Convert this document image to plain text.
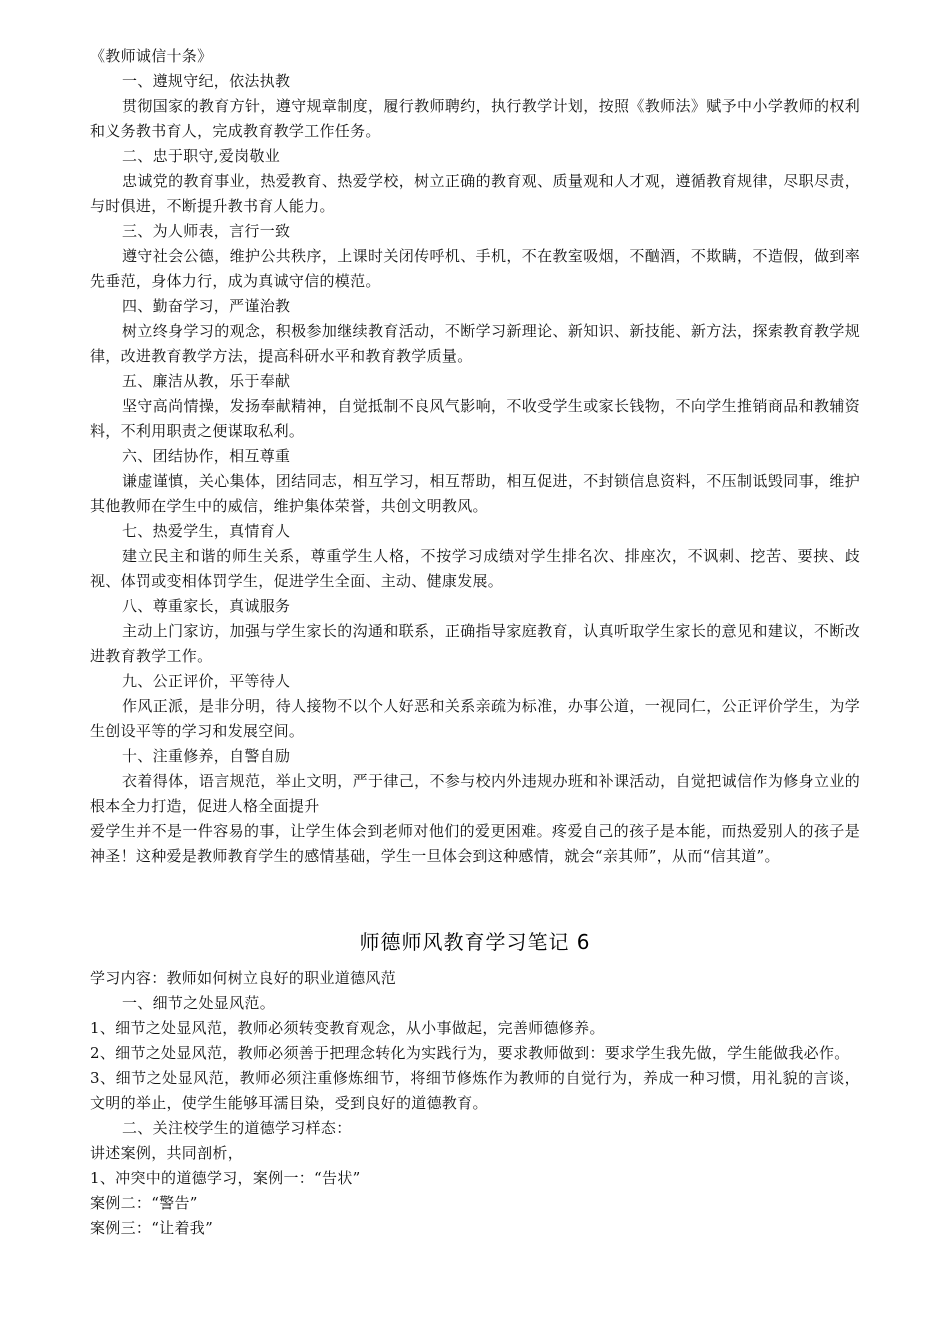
《教师诚信十条》
一、遵规守纪，依法执教
贯彻国家的教育方针，遵守规章制度，履行教师聘约，执行教学计划，按照《教师法》赋予中小学教师的权利和义务教书育人，完成教育教学工作任务。
二、忠于职守,爱岗敬业
忠诚党的教育事业，热爱教育、热爱学校，树立正确的教育观、质量观和人才观，遵循教育规律，尽职尽责，与时俱进，不断提升教书育人能力。
三、为人师表，言行一致
遵守社会公德，维护公共秩序，上课时关闭传呼机、手机，不在教室吸烟，不酗酒，不欺瞒，不造假，做到率先垂范，身体力行，成为真诚守信的模范。
四、勤奋学习，严谨治教
树立终身学习的观念，积极参加继续教育活动，不断学习新理论、新知识、新技能、新方法，探索教育教学规律，改进教育教学方法，提高科研水平和教育教学质量。
五、廉洁从教，乐于奉献
坚守高尚情操，发扬奉献精神，自觉抵制不良风气影响，不收受学生或家长钱物，不向学生推销商品和教辅资料，不利用职责之便谋取私利。
六、团结协作，相互尊重
谦虚谨慎，关心集体，团结同志，相互学习，相互帮助，相互促进，不封锁信息资料，不压制诋毁同事，维护其他教师在学生中的威信，维护集体荣誉，共创文明教风。
七、热爱学生，真情育人
建立民主和谐的师生关系，尊重学生人格，不按学习成绩对学生排名次、排座次，不讽刺、挖苦、要挟、歧视、体罚或变相体罚学生，促进学生全面、主动、健康发展。
八、尊重家长，真诚服务
主动上门家访，加强与学生家长的沟通和联系，正确指导家庭教育，认真听取学生家长的意见和建议，不断改进教育教学工作。
九、公正评价，平等待人
作风正派，是非分明，待人接物不以个人好恶和关系亲疏为标准，办事公道，一视同仁，公正评价学生，为学生创设平等的学习和发展空间。
十、注重修养，自警自励
衣着得体，语言规范，举止文明，严于律己，不参与校内外违规办班和补课活动，自觉把诚信作为修身立业的根本全力打造，促进人格全面提升
爱学生并不是一件容易的事，让学生体会到老师对他们的爱更困难。疼爱自己的孩子是本能，而热爱别人的孩子是神圣！这种爱是教师教育学生的感情基础，学生一旦体会到这种感情，就会“亲其师”，从而“信其道”。
师德师风教育学习笔记 6
学习内容：教师如何树立良好的职业道德风范
一、细节之处显风范。
1、细节之处显风范，教师必须转变教育观念，从小事做起，完善师德修养。
2、细节之处显风范，教师必须善于把理念转化为实践行为，要求教师做到：要求学生我先做，学生能做我必作。
3、细节之处显风范，教师必须注重修炼细节，将细节修炼作为教师的自觉行为，养成一种习惯，用礼貌的言谈，文明的举止，使学生能够耳濡目染，受到良好的道德教育。
二、关注校学生的道德学习样态：
讲述案例，共同剖析，
1、冲突中的道德学习，案例一：“告状”
案例二：“警告”
案例三：“让着我”
